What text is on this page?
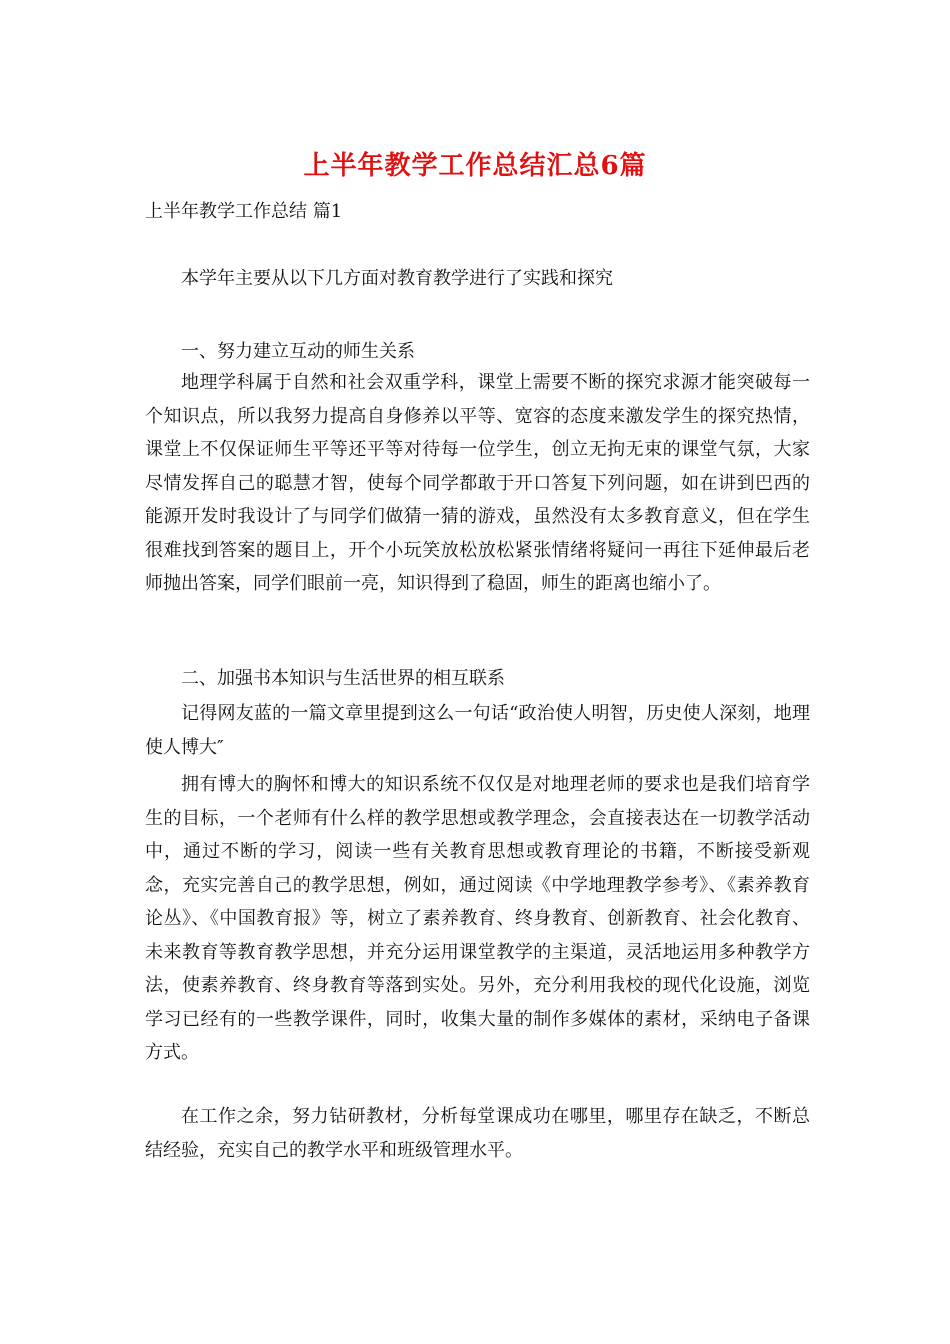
上半年教学工作总结汇总6篇
上半年教学工作总结 篇1

本学年主要从以下几方面对教育教学进行了实践和探究

一、努力建立互动的师生关系

地理学科属于自然和社会双重学科，课堂上需要不断的探究求源才能突破每一个知识点，所以我努力提高自身修养以平等、宽容的态度来激发学生的探究热情，课堂上不仅保证师生平等还平等对待每一位学生，创立无拘无束的课堂气氛，大家尽情发挥自己的聪慧才智，使每个同学都敢于开口答复下列问题，如在讲到巴西的能源开发时我设计了与同学们做猜一猜的游戏，虽然没有太多教育意义，但在学生很难找到答案的题目上，开个小玩笑放松放松紧张情绪将疑问一再往下延伸最后老师抛出答案，同学们眼前一亮，知识得到了稳固，师生的距离也缩小了。

二、加强书本知识与生活世界的相互联系

记得网友蓝的一篇文章里提到这么一句话“政治使人明智，历史使人深刻，地理使人博大″

拥有博大的胸怀和博大的知识系统不仅仅是对地理老师的要求也是我们培育学生的目标，一个老师有什么样的教学思想或教学理念，会直接表达在一切教学活动中，通过不断的学习，阅读一些有关教育思想或教育理论的书籍，不断接受新观念，充实完善自己的教学思想，例如，通过阅读《中学地理教学参考》、《素养教育论丛》、《中国教育报》等，树立了素养教育、终身教育、创新教育、社会化教育、未来教育等教育教学思想，并充分运用课堂教学的主渠道，灵活地运用多种教学方法，使素养教育、终身教育等落到实处。另外，充分利用我校的现代化设施，浏览学习已经有的一些教学课件，同时，收集大量的制作多媒体的素材，采纳电子备课方式。

在工作之余，努力钻研教材，分析每堂课成功在哪里，哪里存在缺乏，不断总结经验，充实自己的教学水平和班级管理水平。
